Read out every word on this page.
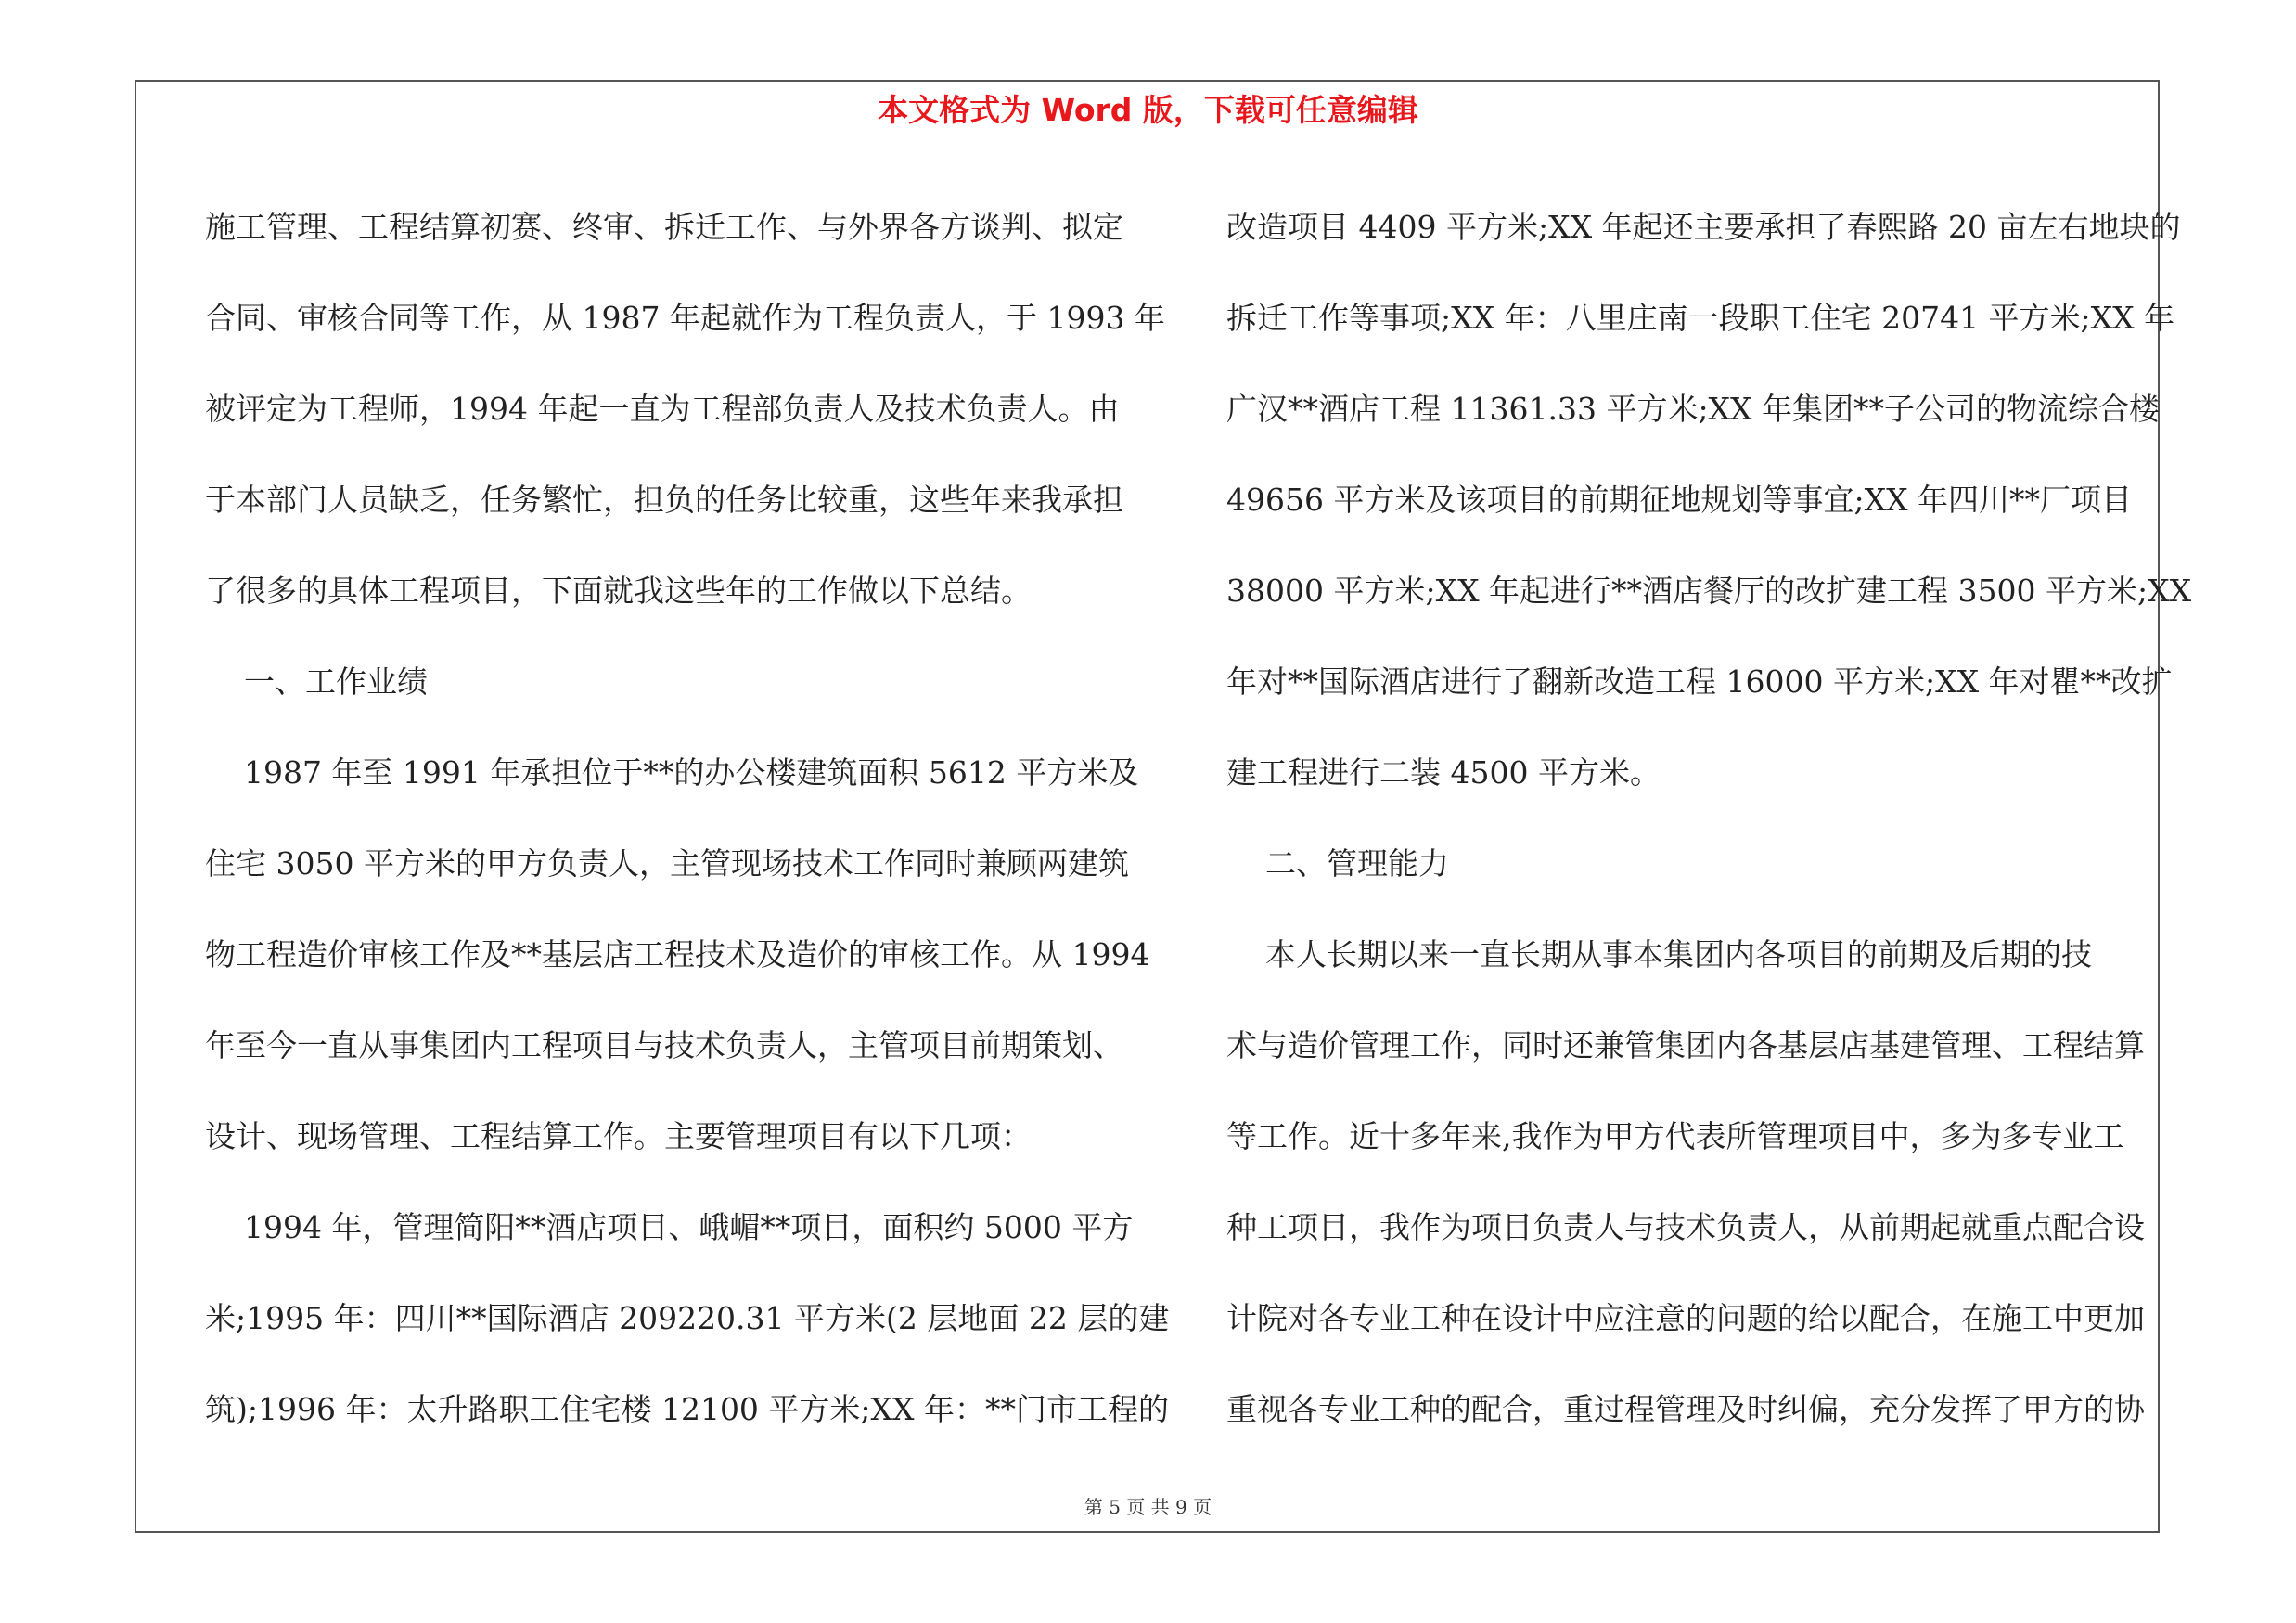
本文格式为 Word 版，下载可任意编辑

施工管理、工程结算初赛、终审、拆迁工作、与外界各方谈判、拟定

合同、审核合同等工作，从 1987 年起就作为工程负责人，于 1993 年

被评定为工程师，1994 年起一直为工程部负责人及技术负责人。由

于本部门人员缺乏，任务繁忙，担负的任务比较重，这些年来我承担

了很多的具体工程项目，下面就我这些年的工作做以下总结。

一、工作业绩

1987 年至 1991 年承担位于**的办公楼建筑面积 5612 平方米及

住宅 3050 平方米的甲方负责人，主管现场技术工作同时兼顾两建筑

物工程造价审核工作及**基层店工程技术及造价的审核工作。从 1994

年至今一直从事集团内工程项目与技术负责人，主管项目前期策划、

设计、现场管理、工程结算工作。主要管理项目有以下几项：

1994 年，管理简阳**酒店项目、峨嵋**项目，面积约 5000 平方

米;1995 年：四川**国际酒店 209220.31 平方米(2 层地面 22 层的建

筑);1996 年：太升路职工住宅楼 12100 平方米;XX 年：**门市工程的

改造项目 4409 平方米;XX 年起还主要承担了春熙路 20 亩左右地块的

拆迁工作等事项;XX 年：八里庄南一段职工住宅 20741 平方米;XX 年

广汉**酒店工程 11361.33 平方米;XX 年集团**子公司的物流综合楼

49656 平方米及该项目的前期征地规划等事宜;XX 年四川**厂项目

38000 平方米;XX 年起进行**酒店餐厅的改扩建工程 3500 平方米;XX

年对**国际酒店进行了翻新改造工程 16000 平方米;XX 年对瞿**改扩

建工程进行二装 4500 平方米。

二、管理能力

本人长期以来一直长期从事本集团内各项目的前期及后期的技

术与造价管理工作，同时还兼管集团内各基层店基建管理、工程结算

等工作。近十多年来,我作为甲方代表所管理项目中，多为多专业工

种工项目，我作为项目负责人与技术负责人，从前期起就重点配合设

计院对各专业工种在设计中应注意的问题的给以配合，在施工中更加

重视各专业工种的配合，重过程管理及时纠偏，充分发挥了甲方的协

第 5 页 共 9 页
